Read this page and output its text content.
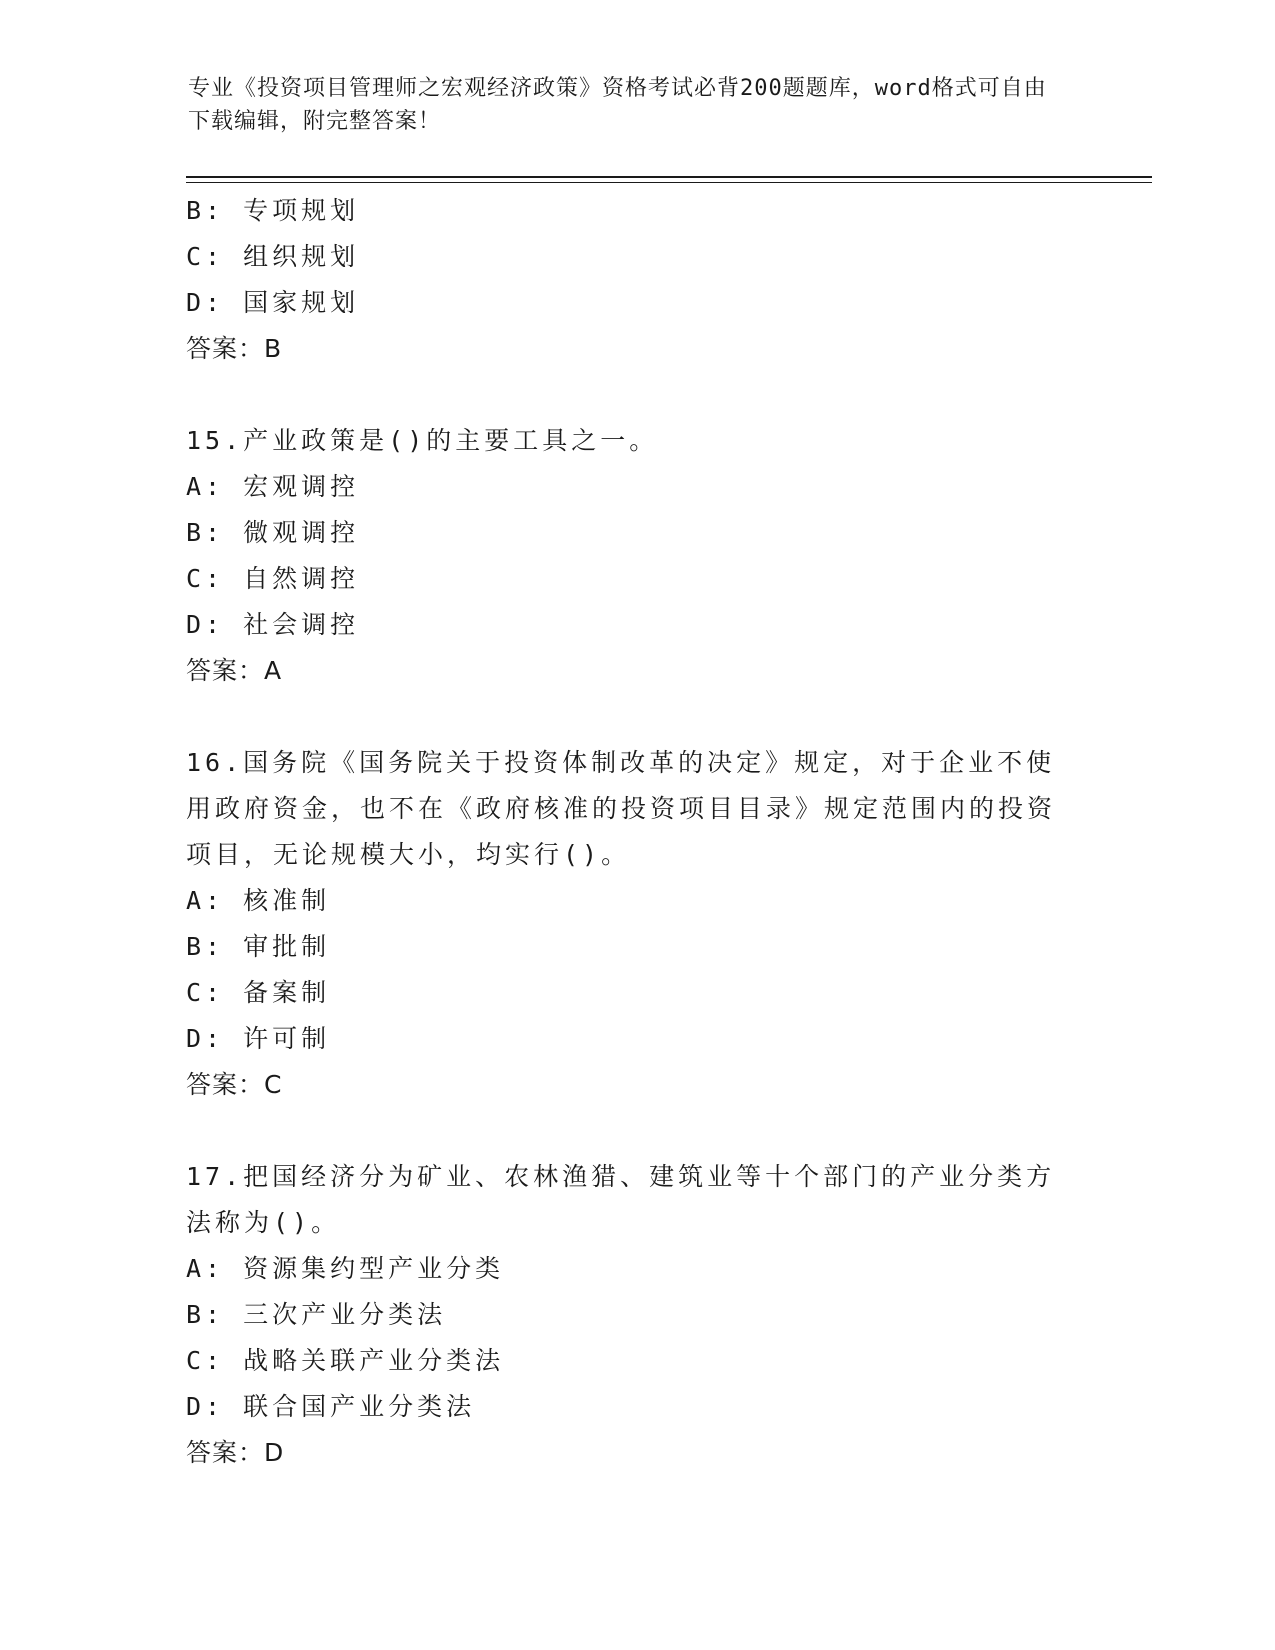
专业《投资项目管理师之宏观经济政策》资格考试必背200题题库，word格式可自由下载编辑，附完整答案！
B: 专项规划
C: 组织规划
D: 国家规划
答案：B
15.产业政策是()的主要工具之一。
A: 宏观调控
B: 微观调控
C: 自然调控
D: 社会调控
答案：A
16.国务院《国务院关于投资体制改革的决定》规定，对于企业不使用政府资金，也不在《政府核准的投资项目目录》规定范围内的投资项目，无论规模大小，均实行()。
A: 核准制
B: 审批制
C: 备案制
D: 许可制
答案：C
17.把国经济分为矿业、农林渔猎、建筑业等十个部门的产业分类方法称为()。
A: 资源集约型产业分类
B: 三次产业分类法
C: 战略关联产业分类法
D: 联合国产业分类法
答案：D
